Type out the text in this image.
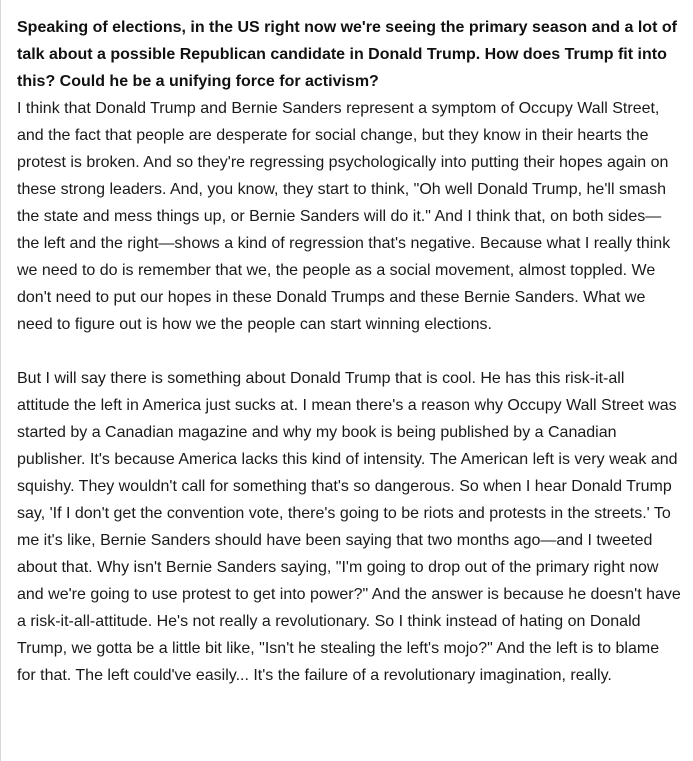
Speaking of elections, in the US right now we're seeing the primary season and a lot of talk about a possible Republican candidate in Donald Trump. How does Trump fit into this? Could he be a unifying force for activism?

I think that Donald Trump and Bernie Sanders represent a symptom of Occupy Wall Street, and the fact that people are desperate for social change, but they know in their hearts the protest is broken. And so they're regressing psychologically into putting their hopes again on these strong leaders. And, you know, they start to think, "Oh well Donald Trump, he'll smash the state and mess things up, or Bernie Sanders will do it." And I think that, on both sides—the left and the right—shows a kind of regression that's negative. Because what I really think we need to do is remember that we, the people as a social movement, almost toppled. We don't need to put our hopes in these Donald Trumps and these Bernie Sanders. What we need to figure out is how we the people can start winning elections.

But I will say there is something about Donald Trump that is cool. He has this risk-it-all attitude the left in America just sucks at. I mean there's a reason why Occupy Wall Street was started by a Canadian magazine and why my book is being published by a Canadian publisher. It's because America lacks this kind of intensity. The American left is very weak and squishy. They wouldn't call for something that's so dangerous. So when I hear Donald Trump say, 'If I don't get the convention vote, there's going to be riots and protests in the streets.' To me it's like, Bernie Sanders should have been saying that two months ago—and I tweeted about that. Why isn't Bernie Sanders saying, "I'm going to drop out of the primary right now and we're going to use protest to get into power?" And the answer is because he doesn't have a risk-it-all-attitude. He's not really a revolutionary. So I think instead of hating on Donald Trump, we gotta be a little bit like, "Isn't he stealing the left's mojo?" And the left is to blame for that. The left could've easily... It's the failure of a revolutionary imagination, really.
